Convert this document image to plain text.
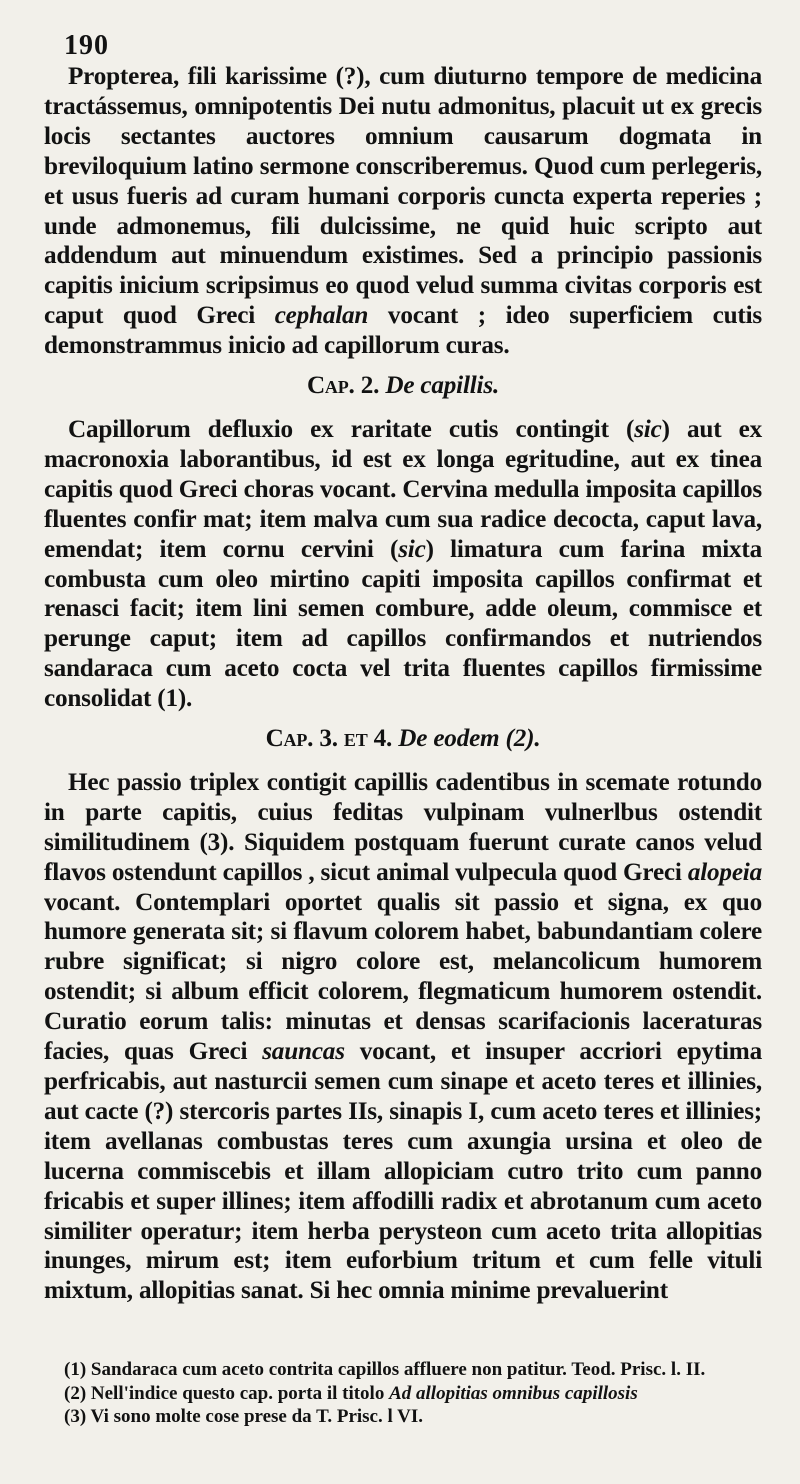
190

Propterea, fili karissime (?), cum diuturno tempore de medicina tractássemus, omnipotentis Dei nutu admonitus, placuit ut ex grecis locis sectantes auctores omnium causarum dogmata in breviloquium latino sermone conscriberemus. Quod cum perlegeris, et usus fueris ad curam humani corporis cuncta experta reperies ; unde admonemus, fili dulcissime, ne quid huic scripto aut addendum aut minuendum existimes. Sed a principio passionis capitis inicium scripsimus eo quod velud summa civitas corporis est caput quod Greci cephalan vocant ; ideo superficiem cutis demonstrammus inicio ad capillorum curas.

Cap. 2. De capillis.

Capillorum defluxio ex raritate cutis contingit (sic) aut ex macronoxia laborantibus, id est ex longa egritudine, aut ex tinea capitis quod Greci choras vocant. Cervina medulla imposita capillos fluentes confir mat; item malva cum sua radice decocta, caput lava, emendat; item cornu cervini (sic) limatura cum farina mixta combusta cum oleo mirtino capiti imposita capillos confirmat et renasci facit; item lini semen combure, adde oleum, commisce et perunge caput; item ad capillos confirmandos et nutriendos sandaraca cum aceto cocta vel trita fluentes capillos firmissime consolidat (1).

Cap. 3. et 4. De eodem (2).

Hec passio triplex contigit capillis cadentibus in scemate rotundo in parte capitis, cuius feditas vulpinam vulnerlbus ostendit similitudinem (3). Siquidem postquam fuerunt curate canos velud flavos ostendunt capillos , sicut animal vulpecula quod Greci alopeia vocant. Contemplari oportet qualis sit passio et signa, ex quo humore generata sit; si flavum colorem habet, babundantiam colere rubre significat; si nigro colore est, melancolicum humorem ostendit; si album efficit colorem, flegmaticum humorem ostendit. Curatio eorum talis: minutas et densas scarifacionis laceraturas facies, quas Greci sauncas vocant, et insuper accriori epytima perfricabis, aut nasturcii semen cum sinape et aceto teres et illinies, aut cacte (?) stercoris partes IIs, sinapis I, cum aceto teres et illinies; item avellanas combustas teres cum axungia ursina et oleo de lucerna commiscebis et illam allopiciam cutro trito cum panno fricabis et super illines; item affodilli radix et abrotanum cum aceto similiter operatur; item herba perysteon cum aceto trita allopitias inunges, mirum est; item euforbium tritum et cum felle vituli mixtum, allopitias sanat. Si hec omnia minime prevaluerint

(1) Sandaraca cum aceto contrita capillos affluere non patitur. Teod. Prisc. l. II.

(2) Nell'indice questo cap. porta il titolo Ad allopitias omnibus capillosis

(3) Vi sono molte cose prese da T. Prisc. l VI.
